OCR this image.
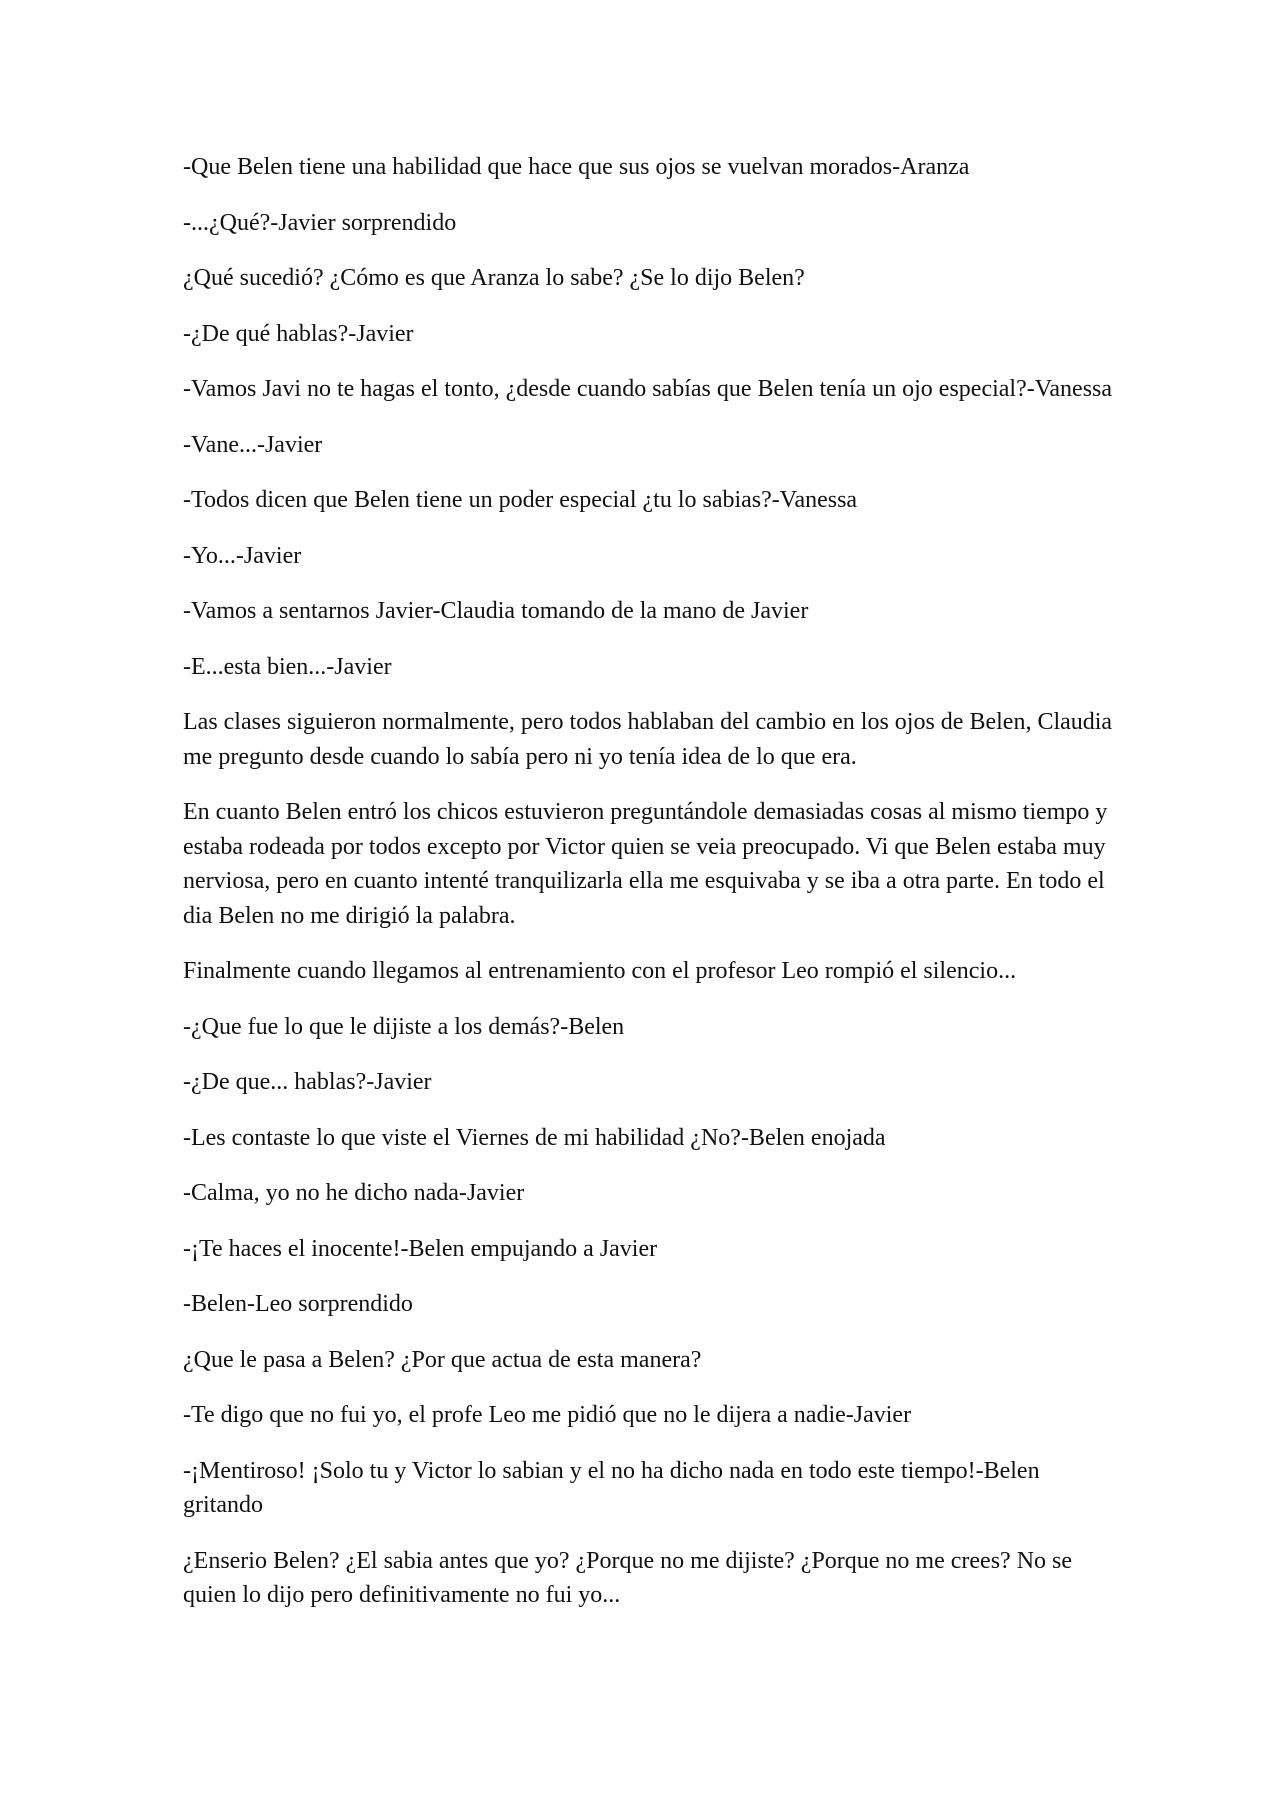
-Que Belen tiene una habilidad que hace que sus ojos se vuelvan morados-Aranza

-...¿Qué?-Javier sorprendido

¿Qué sucedió? ¿Cómo es que Aranza lo sabe? ¿Se lo dijo Belen?

-¿De qué hablas?-Javier

-Vamos Javi no te hagas el tonto, ¿desde cuando sabías que Belen tenía un ojo especial?-Vanessa

-Vane...-Javier

-Todos dicen que Belen tiene un poder especial ¿tu lo sabias?-Vanessa

-Yo...-Javier

-Vamos a sentarnos Javier-Claudia tomando de la mano de Javier

-E...esta bien...-Javier

Las clases siguieron normalmente, pero todos hablaban del cambio en los ojos de Belen, Claudia me pregunto desde cuando lo sabía pero ni yo tenía idea de lo que era.

En cuanto Belen entró los chicos estuvieron preguntándole demasiadas cosas al mismo tiempo y estaba rodeada por todos excepto por Victor quien se veia preocupado. Vi que Belen estaba muy nerviosa, pero en cuanto intenté tranquilizarla ella me esquivaba y se iba a otra parte. En todo el dia Belen no me dirigió la palabra.

Finalmente cuando llegamos al entrenamiento con el profesor Leo rompió el silencio...

-¿Que fue lo que le dijiste a los demás?-Belen

-¿De que... hablas?-Javier

-Les contaste lo que viste el Viernes de mi habilidad ¿No?-Belen enojada

-Calma, yo no he dicho nada-Javier

-¡Te haces el inocente!-Belen empujando a Javier

-Belen-Leo sorprendido

¿Que le pasa a Belen? ¿Por que actua de esta manera?

-Te digo que no fui yo, el profe Leo me pidió que no le dijera a nadie-Javier

-¡Mentiroso! ¡Solo tu y Victor lo sabian y el no ha dicho nada en todo este tiempo!-Belen gritando

¿Enserio Belen? ¿El sabia antes que yo? ¿Porque no me dijiste? ¿Porque no me crees? No se quien lo dijo pero definitivamente no fui yo...
